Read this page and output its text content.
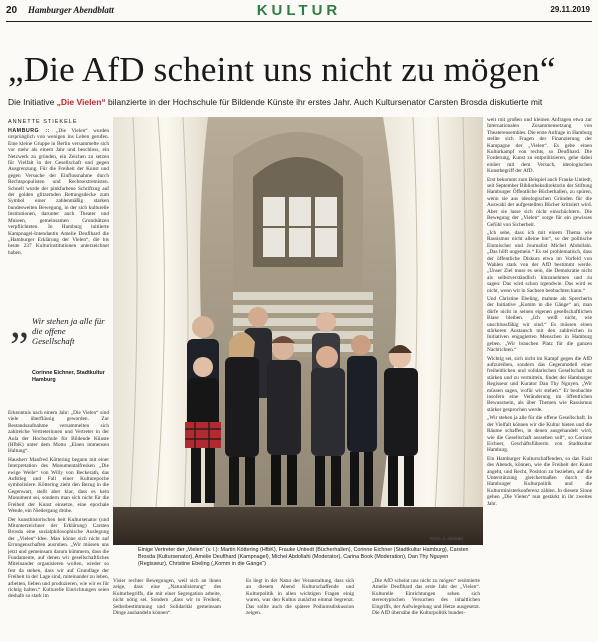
20 Hamburger Abendblatt	KULTUR	29.11.2019
„Die AfD scheint uns nicht zu mögen“
Die Initiative „Die Vielen“ bilanzierte in der Hochschule für Bildende Künste ihr erstes Jahr. Auch Kultursenator Carsten Brosda diskutierte mit
ANNETTE STIEKELE

HAMBURG :: „Die Vielen“ wurden ursprünglich von wenigen ins Leben gerufen. Eine kleine Gruppe in Berlin versammelte sich vor mehr als einem Jahr und beschloss, ein Netzwerk zu gründen, ein Zeichen zu setzen für Vielfalt in der Gesellschaft und gegen Ausgrenzung. Für die Freiheit der Kunst und gegen Versuche der Einflussnahme durch Rechtspopulisten und Rechtsextremisten. Schnell wurde der pinkfarbene Schriftzug auf der golden glitzernden Rettungsdecke zum Symbol einer zahlenmäßig starken bundesweiten Bewegung, in der sich kulturelle Institutionen, darunter auch Theater und Museen, gemeinsamen Grundsätzen verpflichteten. In Hamburg initiierte Kampnagel-Intendantin Amelie Deuflhard die „Hamburger Erklärung der Vielen“, die bis heute 237 Kulturinstitutionen unterzeichnet haben.

„ Wir stehen ja alle für die offene Gesellschaft
Corinne Eichner, Stadtkultur Hamburg

Erkenntnis nach einem Jahr: „Die Vielen“ sind viele überflüssig geworden. Zur Bestandsaufnahme versammelten sich zahlreiche Vertreterinnen und Vertreter in der Aula der Hochschule für Bildende Künste (HfbK) unter dem Motto „Einen immensen Haltung“.

Hausherr Manfred Köttering begann mit einer Interpretation des Monumentalfresken „Die ewige Welle“ von Willy von Beckerath, das Aufstieg und Fall einer Kulturepoche symbolisiere. Köttering zieht den Bezug in die Gegenwart, stellt aber klar, dass es kein Monument sei, sondern man sich nicht für die Freiheit der Kunst einsetze, eine epochale Wende, ein Niedergang drohe.

Der kunsthistorischen heit Kultursenator (und Mitunterzeichner der Erklärung) Carsten Brosda eine sozialphilosophische Auslegung der „Vielen“-Idee. Man könne sich nicht auf Errungenschaften ausruhen. „Wir müssen uns jetzt und gemeinsam darum kümmern, dass die Fundamente, auf denen wir gesellschaftliches Miteinander organisieren wollen, wieder so fest da stehen, dass wir auf Grundlage der Freiheit in der Lage sind, miteinander zu leben, arbeiten, lieben und produzieren, wie wir es für richtig halten.“ Kulturelle Einrichtungen seien deshalb so stark im

FOTO: C. GEISING
Einige Vertreter der „Vielen“ (v. l.): Martin Köttering (HfbK), Frauke Untiedt (Bücherhallen), Corinne Eichner (Stadtkultur Hamburg), Carsten Brosda (Kultursenator), Amelie Deuflhard (Kampnagel), Michel Abdollahi (Moderator), Carina Book (Moderation), Dan Thy Nguyen (Regisseur), Christine Ebeling („Komm in die Gänge“)

Visier rechter Bewegungen, weil sich an ihnen zeige, dass eine „Naturalisierung“ des Kulturbegriffs, die mit einer Segregation arbeite, nicht nötig sei. Sondern „dass wir in Freiheit, Selbstbestimmung und Solidarität gemeinsam Dinge aushandeln können“.

Es liegt in der Natur der Veranstaltung, dass sich an diesem Abend Kulturschaffende und Kulturpolitik in allen wichtigen Fragen einig waren, was den Kultus zunächst einmal begrenzt. Das sollte auch die spätere Podiumsdiskussion zeigen.

„Die AfD scheint uns nicht zu mögen“ resümierte Amelie Deuflhard das erste Jahr der „Vielen“. Kulturelle Einrichtungen sehen sich stereotypischen Versuchen des inhaltlichen Eingriffs, der Aufwiegelung und Hetze ausgesetzt. Die AfD übersähe die Kulturpolitik bundes-

weit mit großen und kleinen Anfragen etwa zur Internationalen Zusammensetzung von Theaterensembles. Die erste Anfrage in Hamburg stellte sich Fragen der Finanzierung der Kampagne der „Vielen“. Es gebe einen Kulturkampf von rechts, so Deuflhard. Die Forderung, Kunst zu entpolitisieren, gehe dabei einher mit dem Versuch, ideologischen Kunstbegriff der AfD.

Erst bekommt zum Beispiel auch Frauke Untiedt, seit September Bibliotheksdirektorin der Stiftung Hamburger Öffentliche Bücherhallen, zu spüren, wenn sie aus ideologischen Gründen für die Auswahl der aufgestellten Bücher kritisiert wird. Aber sie lasse sich nicht einschüchtern. Die Bewegung der „Vielen“ sorge für ein gewisses Gefühl von Sicherheit.

„Ich sehe, dass ich mit einem Thema wie Rassismus nicht alleine bin“, so der politische Einmischer und Journalist Michel Abdollahi. „Das hilft ungemein.“ Es sei problematisch, dass der öffentliche Diskurs etwa im Vorfeld von Wahlen stark von der AfD bestimmt werde. „Unser Ziel muss es sein, die Demokratie nicht als selbstverständlich hinzunehmen und zu sagen: Das wird schon irgendwie. Das wird es nicht, wenn wir in Sachsen beobachten kann.“

Und Christine Ebeling, mahnte als Sprecherin der Initiative „Komm in die Gänge“ an, man dürfe nicht in seinen eigenen gesellschaftlichen Blase bleiben. „Ich weiß nicht, wie unschlussfähig wir sind.“ Es müssen einen stärkeren Austausch mit den zahlreichen in Initiativen engagierten Menschen in Hamburg geben. „Wir brauchen Platz für die ganzen Nachrichten.“

Wichtig sei, sich nicht im Kampf gegen die AfD aufzureiben, sondern das Gegenmodell einer freiheitlichen und solidarischen Gesellschaft zu stärken und zu vermitteln, findet der Hamburger Regisseur und Kurator Dan Thy Nguyen. „Wir müssen sagen, wofür wir stehen.“ Er beobachte insofern eine Veränderung im öffentlichen Bewusstsein, als über Themen wie Rassismus stärker gesprochen werde.

„Wir stehen ja alle für die offene Gesellschaft. In der Vielfalt können wir die Kultur bieten und die Räume schaffen, in denen ausgehandelt wird, wie die Gesellschaft aussehen soll“, so Corinne Eichner, Geschäftsführerin von Stadtkultur Hamburg.

Ein Hamburger Kulturschaffenden, so das Fazit des Abends, können, wie die Freiheit der Kunst angeht, und Recht, Position zu beziehen, auf die Unterstützung gleichermaßen durch die Hamburger Kulturpolitik und die Kulturministerkonferenz zählen. In diesem Sinne gehen „Die Vielen“ nun gestärkt in ihr zweites Jahr.
